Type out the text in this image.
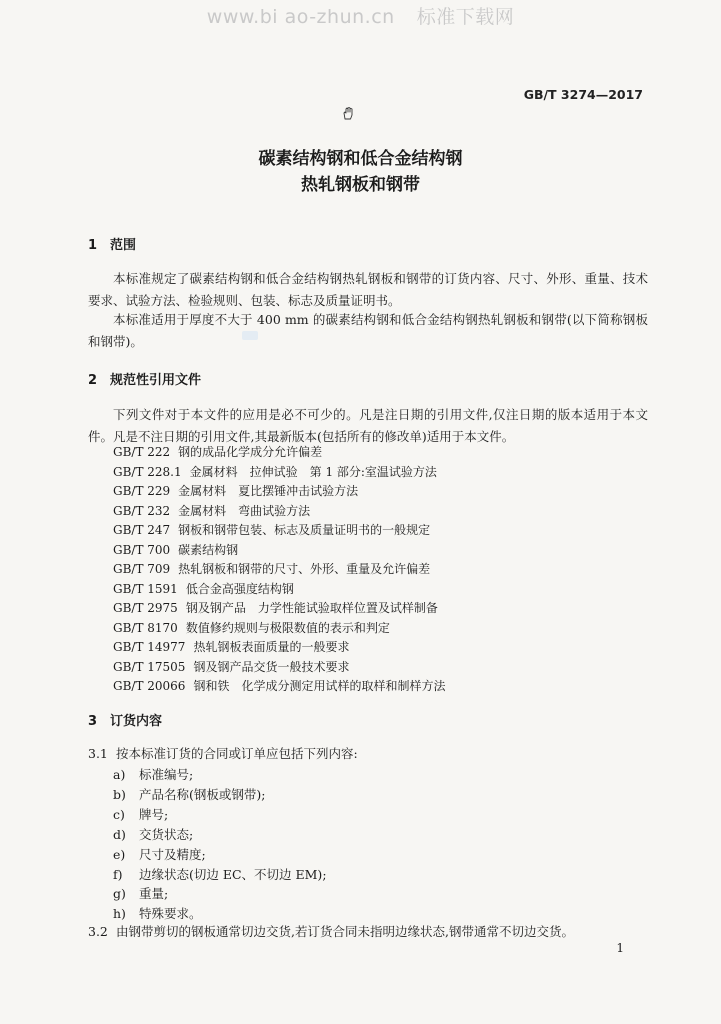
www.bi ao-zhun.cn 标准下载网
GB/T 3274—2017
碳素结构钢和低合金结构钢
热轧钢板和钢带
1 范围
本标准规定了碳素结构钢和低合金结构钢热轧钢板和钢带的订货内容、尺寸、外形、重量、技术要求、试验方法、检验规则、包装、标志及质量证明书。
本标准适用于厚度不大于 400 mm 的碳素结构钢和低合金结构钢热轧钢板和钢带(以下简称钢板和钢带)。
2 规范性引用文件
下列文件对于本文件的应用是必不可少的。凡是注日期的引用文件,仅注日期的版本适用于本文件。凡是不注日期的引用文件,其最新版本(包括所有的修改单)适用于本文件。
GB/T 222 钢的成品化学成分允许偏差
GB/T 228.1 金属材料　拉伸试验　第 1 部分:室温试验方法
GB/T 229 金属材料　夏比摆锤冲击试验方法
GB/T 232 金属材料　弯曲试验方法
GB/T 247 钢板和钢带包装、标志及质量证明书的一般规定
GB/T 700 碳素结构钢
GB/T 709 热轧钢板和钢带的尺寸、外形、重量及允许偏差
GB/T 1591 低合金高强度结构钢
GB/T 2975 钢及钢产品　力学性能试验取样位置及试样制备
GB/T 8170 数值修约规则与极限数值的表示和判定
GB/T 14977 热轧钢板表面质量的一般要求
GB/T 17505 钢及钢产品交货一般技术要求
GB/T 20066 钢和铁　化学成分测定用试样的取样和制样方法
3 订货内容
3.1 按本标准订货的合同或订单应包括下列内容:
a) 标准编号;
b) 产品名称(钢板或钢带);
c) 牌号;
d) 交货状态;
e) 尺寸及精度;
f) 边缘状态(切边 EC、不切边 EM);
g) 重量;
h) 特殊要求。
3.2 由钢带剪切的钢板通常切边交货,若订货合同未指明边缘状态,钢带通常不切边交货。
1
